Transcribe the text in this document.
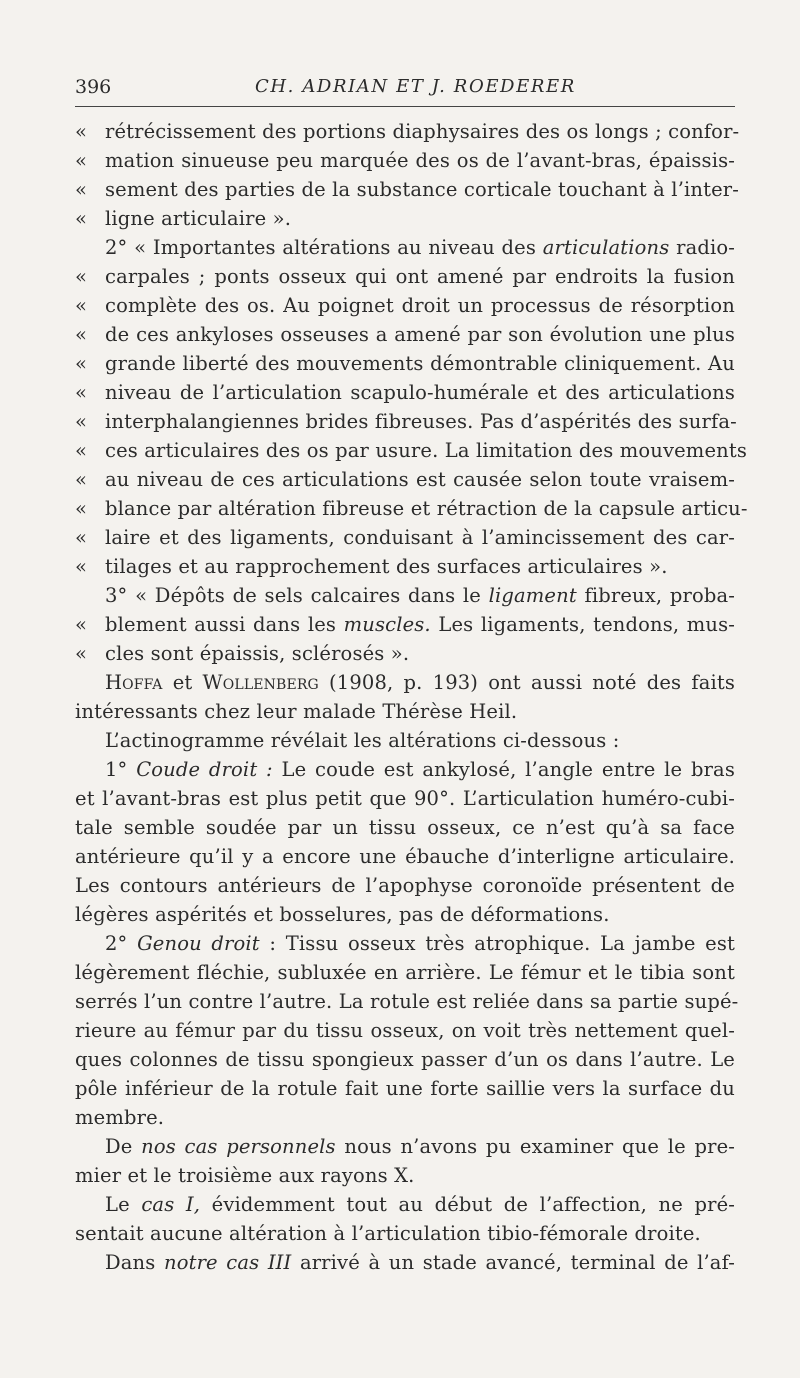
396	CH. ADRIAN ET J. ROEDERER
« rétrécissement des portions diaphysaires des os longs ; confor-
« mation sinueuse peu marquée des os de l’avant-bras, épaissis-
« sement des parties de la substance corticale touchant à l’inter-
« ligne articulaire ».
2° « Importantes altérations au niveau des articulations radio-
« carpales ; ponts osseux qui ont amené par endroits la fusion
« complète des os. Au poignet droit un processus de résorption
« de ces ankyloses osseuses a amené par son évolution une plus
« grande liberté des mouvements démontrable cliniquement. Au
« niveau de l’articulation scapulo-humérale et des articulations
« interphalangiennes brides fibreuses. Pas d’aspérités des surfa-
« ces articulaires des os par usure. La limitation des mouvements
« au niveau de ces articulations est causée selon toute vraisem-
« blance par altération fibreuse et rétraction de la capsule articu-
« laire et des ligaments, conduisant à l’amincissement des car-
« tilages et au rapprochement des surfaces articulaires ».
3° « Dépôts de sels calcaires dans le ligament fibreux, proba-
« blement aussi dans les muscles. Les ligaments, tendons, mus-
« cles sont épaissis, sclérosés ».
Hoffa et Wollenberg (1908, p. 193) ont aussi noté des faits
intéressants chez leur malade Thérèse Heil.
L’actinogramme révélait les altérations ci-dessous :
1° Coude droit : Le coude est ankylosé, l’angle entre le bras
et l’avant-bras est plus petit que 90°. L’articulation huméro-cubi-
tale semble soudée par un tissu osseux, ce n’est qu’à sa face
antérieure qu’il y a encore une ébauche d’interligne articulaire.
Les contours antérieurs de l’apophyse coronoïde présentent de
légères aspérités et bosselures, pas de déformations.
2° Genou droit : Tissu osseux très atrophique. La jambe est
légèrement fléchie, subluxée en arrière. Le fémur et le tibia sont
serrés l’un contre l’autre. La rotule est reliée dans sa partie supé-
rieure au fémur par du tissu osseux, on voit très nettement quel-
ques colonnes de tissu spongieux passer d’un os dans l’autre. Le
pôle inférieur de la rotule fait une forte saillie vers la surface du
membre.
De nos cas personnels nous n’avons pu examiner que le pre-
mier et le troisième aux rayons X.
Le cas I, évidemment tout au début de l’affection, ne pré-
sentait aucune altération à l’articulation tibio-fémorale droite.
Dans notre cas III arrivé à un stade avancé, terminal de l’af-
